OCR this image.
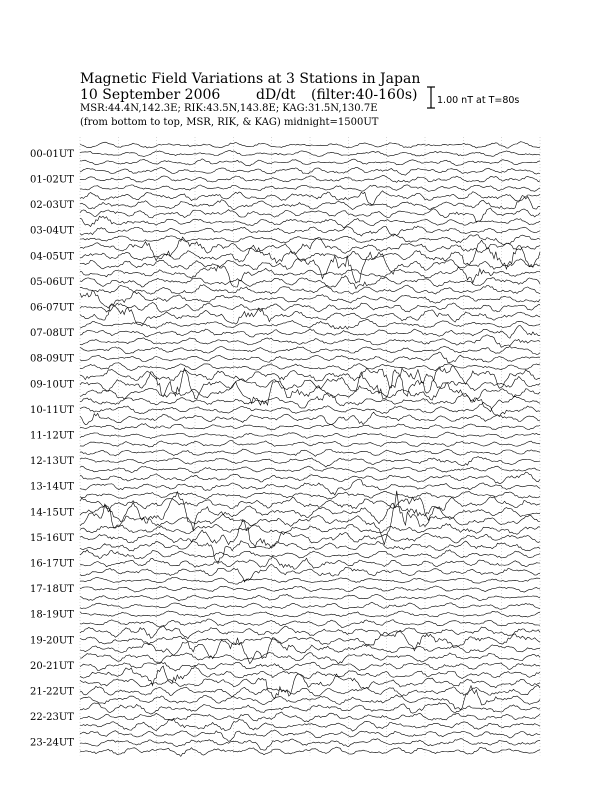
Magnetic Field Variations at 3 Stations in Japan
10 September 2006	dD/dt (filter:40-160s)
MSR:44.4N,142.3E; RIK:43.5N,143.8E; KAG:31.5N,130.7E
(from bottom to top, MSR, RIK, & KAG) midnight=1500UT
1.00 nT at T=80s
00-01UT
01-02UT
02-03UT
03-04UT
04-05UT
05-06UT
06-07UT
07-08UT
08-09UT
09-10UT
10-11UT
11-12UT
12-13UT
13-14UT
14-15UT
15-16UT
16-17UT
17-18UT
18-19UT
19-20UT
20-21UT
21-22UT
22-23UT
23-24UT
